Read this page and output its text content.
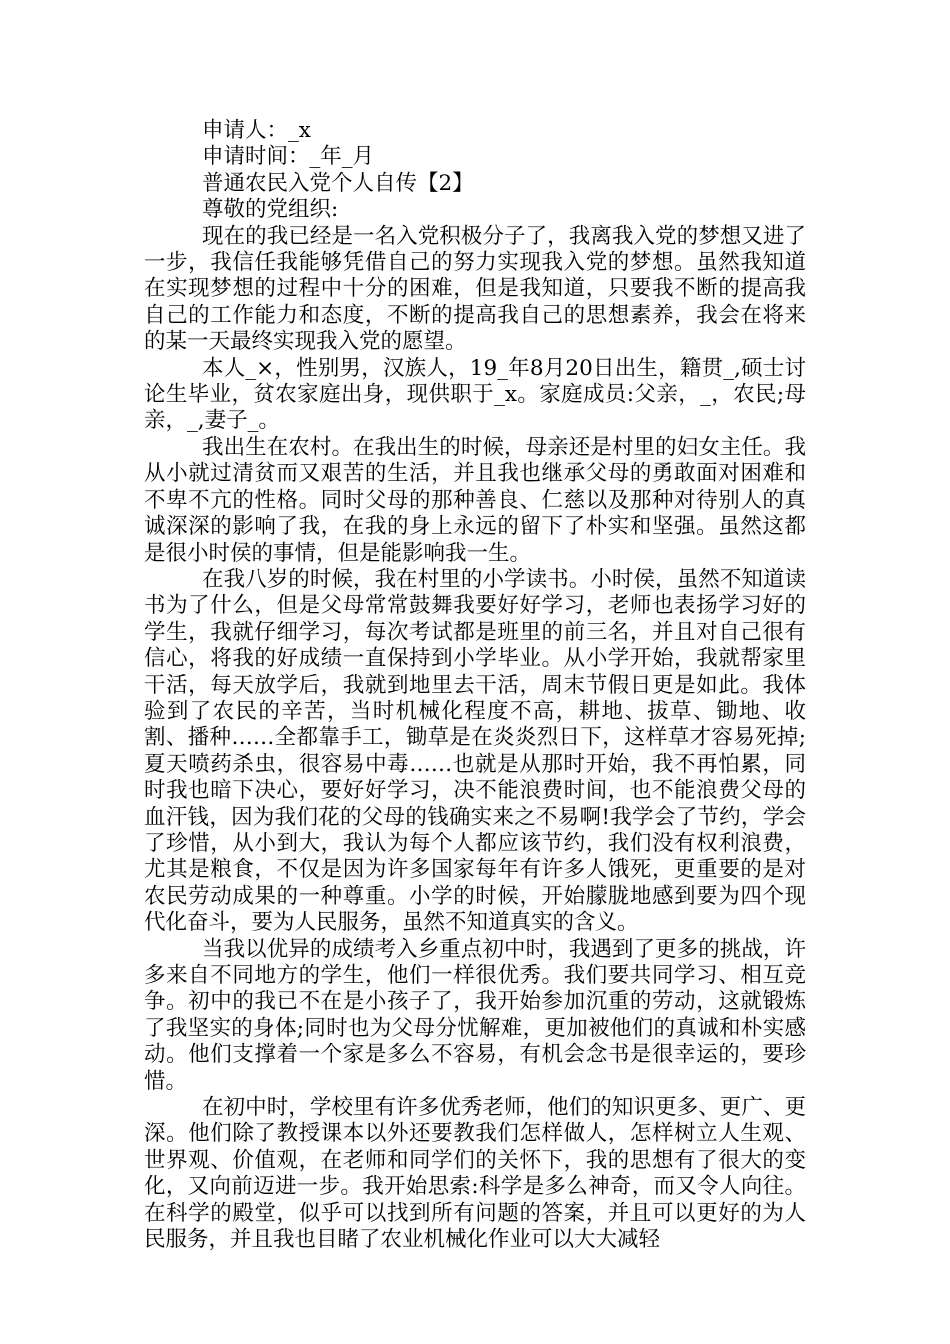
申请人：_x

申请时间：_年_月

普通农民入党个人自传【2】

尊敬的党组织:

现在的我已经是一名入党积极分子了，我离我入党的梦想又进了一步，我信任我能够凭借自己的努力实现我入党的梦想。虽然我知道在实现梦想的过程中十分的困难，但是我知道，只要我不断的提高我自己的工作能力和态度，不断的提高我自己的思想素养，我会在将来的某一天最终实现我入党的愿望。

本人_×，性别男，汉族人，19_年8月20日出生，籍贯_,硕士讨论生毕业，贫农家庭出身，现供职于_x。家庭成员:父亲，_，农民;母亲，_,妻子_。

我出生在农村。在我出生的时候，母亲还是村里的妇女主任。我从小就过清贫而又艰苦的生活，并且我也继承父母的勇敢面对困难和不卑不亢的性格。同时父母的那种善良、仁慈以及那种对待别人的真诚深深的影响了我，在我的身上永远的留下了朴实和坚强。虽然这都是很小时侯的事情，但是能影响我一生。

在我八岁的时候，我在村里的小学读书。小时侯，虽然不知道读书为了什么，但是父母常常鼓舞我要好好学习，老师也表扬学习好的学生，我就仔细学习，每次考试都是班里的前三名，并且对自己很有信心，将我的好成绩一直保持到小学毕业。从小学开始，我就帮家里干活，每天放学后，我就到地里去干活，周末节假日更是如此。我体验到了农民的辛苦，当时机械化程度不高，耕地、拔草、锄地、收割、播种……全都靠手工，锄草是在炎炎烈日下，这样草才容易死掉;夏天喷药杀虫，很容易中毒……也就是从那时开始，我不再怕累，同时我也暗下决心，要好好学习，决不能浪费时间，也不能浪费父母的血汗钱，因为我们花的父母的钱确实来之不易啊!我学会了节约，学会了珍惜，从小到大，我认为每个人都应该节约，我们没有权利浪费，尤其是粮食，不仅是因为许多国家每年有许多人饿死，更重要的是对农民劳动成果的一种尊重。小学的时候，开始朦胧地感到要为四个现代化奋斗，要为人民服务，虽然不知道真实的含义。

当我以优异的成绩考入乡重点初中时，我遇到了更多的挑战，许多来自不同地方的学生，他们一样很优秀。我们要共同学习、相互竞争。初中的我已不在是小孩子了，我开始参加沉重的劳动，这就锻炼了我坚实的身体;同时也为父母分忧解难，更加被他们的真诚和朴实感动。他们支撑着一个家是多么不容易，有机会念书是很幸运的，要珍惜。

在初中时，学校里有许多优秀老师，他们的知识更多、更广、更深。他们除了教授课本以外还要教我们怎样做人，怎样树立人生观、世界观、价值观，在老师和同学们的关怀下，我的思想有了很大的变化，又向前迈进一步。我开始思索:科学是多么神奇，而又令人向往。在科学的殿堂，似乎可以找到所有问题的答案，并且可以更好的为人民服务，并且我也目睹了农业机械化作业可以大大减轻
